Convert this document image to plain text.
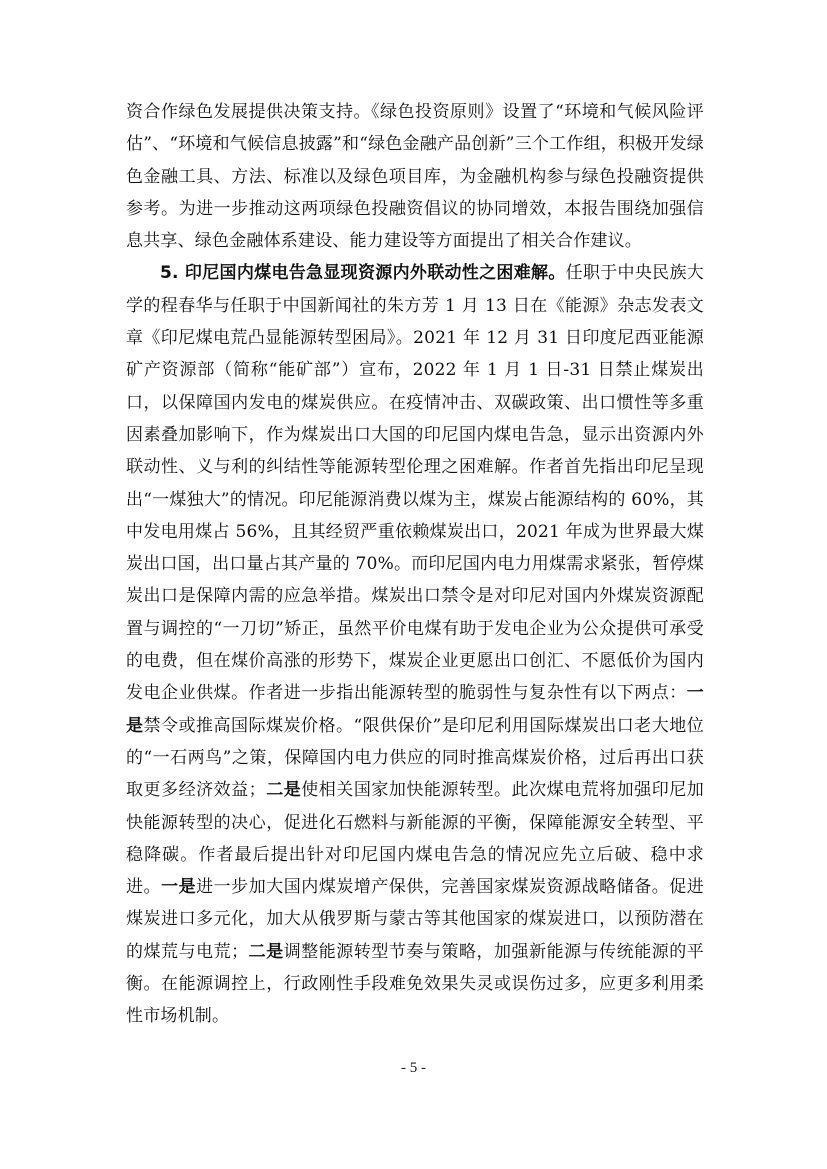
资合作绿色发展提供决策支持。《绿色投资原则》设置了“环境和气候风险评估”、“环境和气候信息披露”和“绿色金融产品创新”三个工作组，积极开发绿色金融工具、方法、标准以及绿色项目库，为金融机构参与绿色投融资提供参考。为进一步推动这两项绿色投融资倡议的协同增效，本报告围绕加强信息共享、绿色金融体系建设、能力建设等方面提出了相关合作建议。

5. 印尼国内煤电告急显现资源内外联动性之困难解。任职于中央民族大学的程春华与任职于中国新闻社的朱方芳 1 月 13 日在《能源》杂志发表文章《印尼煤电荒凸显能源转型困局》。2021 年 12 月 31 日印度尼西亚能源矿产资源部（简称“能矿部”）宣布，2022 年 1 月 1 日-31 日禁止煤炭出口，以保障国内发电的煤炭供应。在疫情冲击、双碳政策、出口惯性等多重因素叠加影响下，作为煤炭出口大国的印尼国内煤电告急，显示出资源内外联动性、义与利的纠结性等能源转型伦理之困难解。作者首先指出印尼呈现出“一煤独大”的情况。印尼能源消费以煤为主，煤炭占能源结构的 60%，其中发电用煤占 56%，且其经贸严重依赖煤炭出口，2021 年成为世界最大煤炭出口国，出口量占其产量的 70%。而印尼国内电力用煤需求紧张，暂停煤炭出口是保障内需的应急举措。煤炭出口禁令是对印尼对国内外煤炭资源配置与调控的“一刀切”矫正，虽然平价电煤有助于发电企业为公众提供可承受的电费，但在煤价高涨的形势下，煤炭企业更愿出口创汇、不愿低价为国内发电企业供煤。作者进一步指出能源转型的脆弱性与复杂性有以下两点：一是禁令或推高国际煤炭价格。“限供保价”是印尼利用国际煤炭出口老大地位的“一石两鸟”之策，保障国内电力供应的同时推高煤炭价格，过后再出口获取更多经济效益；二是使相关国家加快能源转型。此次煤电荒将加强印尼加快能源转型的决心，促进化石燃料与新能源的平衡，保障能源安全转型、平稳降碳。作者最后提出针对印尼国内煤电告急的情况应先立后破、稳中求进。一是进一步加大国内煤炭增产保供，完善国家煤炭资源战略储备。促进煤炭进口多元化，加大从俄罗斯与蒙古等其他国家的煤炭进口，以预防潜在的煤荒与电荒；二是调整能源转型节奏与策略，加强新能源与传统能源的平衡。在能源调控上，行政刚性手段难免效果失灵或误伤过多，应更多利用柔性市场机制。

- 5 -
